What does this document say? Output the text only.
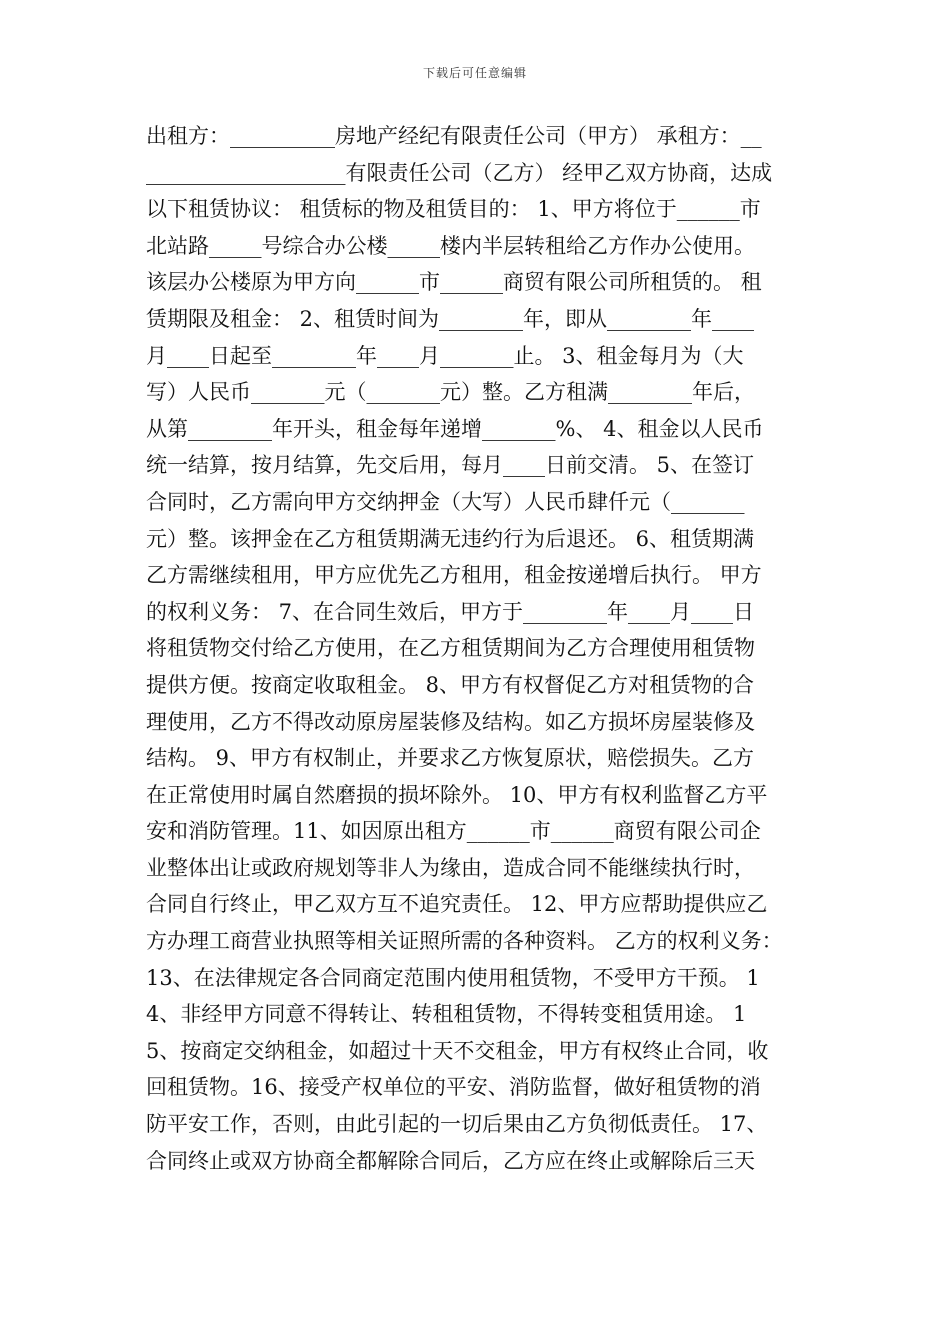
下载后可任意编辑
出租方：__________房地产经纪有限责任公司（甲方） 承租方：__
___________________有限责任公司（乙方） 经甲乙双方协商，达成
以下租赁协议： 租赁标的物及租赁目的： 1、甲方将位于______市
北站路_____号综合办公楼_____楼内半层转租给乙方作办公使用。
该层办公楼原为甲方向______市______商贸有限公司所租赁的。 租
赁期限及租金： 2、租赁时间为________年，即从________年____
月____日起至________年____月_______止。 3、租金每月为（大
写）人民币_______元（_______元）整。乙方租满________年后，
从第________年开头，租金每年递增_______%、 4、租金以人民币
统一结算，按月结算，先交后用，每月____日前交清。 5、在签订
合同时，乙方需向甲方交纳押金（大写）人民币肆仟元（_______
元）整。该押金在乙方租赁期满无违约行为后退还。 6、租赁期满
乙方需继续租用，甲方应优先乙方租用，租金按递增后执行。 甲方
的权利义务： 7、在合同生效后，甲方于________年____月____日
将租赁物交付给乙方使用，在乙方租赁期间为乙方合理使用租赁物
提供方便。按商定收取租金。 8、甲方有权督促乙方对租赁物的合
理使用，乙方不得改动原房屋装修及结构。如乙方损坏房屋装修及
结构。 9、甲方有权制止，并要求乙方恢复原状，赔偿损失。乙方
在正常使用时属自然磨损的损坏除外。 10、甲方有权利监督乙方平
安和消防管理。11、如因原出租方______市______商贸有限公司企
业整体出让或政府规划等非人为缘由，造成合同不能继续执行时，
合同自行终止，甲乙双方互不追究责任。 12、甲方应帮助提供应乙
方办理工商营业执照等相关证照所需的各种资料。 乙方的权利义务：
13、在法律规定各合同商定范围内使用租赁物，不受甲方干预。 1
4、非经甲方同意不得转让、转租租赁物，不得转变租赁用途。 1
5、按商定交纳租金，如超过十天不交租金，甲方有权终止合同，收
回租赁物。16、接受产权单位的平安、消防监督，做好租赁物的消
防平安工作，否则，由此引起的一切后果由乙方负彻低责任。 17、
合同终止或双方协商全都解除合同后，乙方应在终止或解除后三天
